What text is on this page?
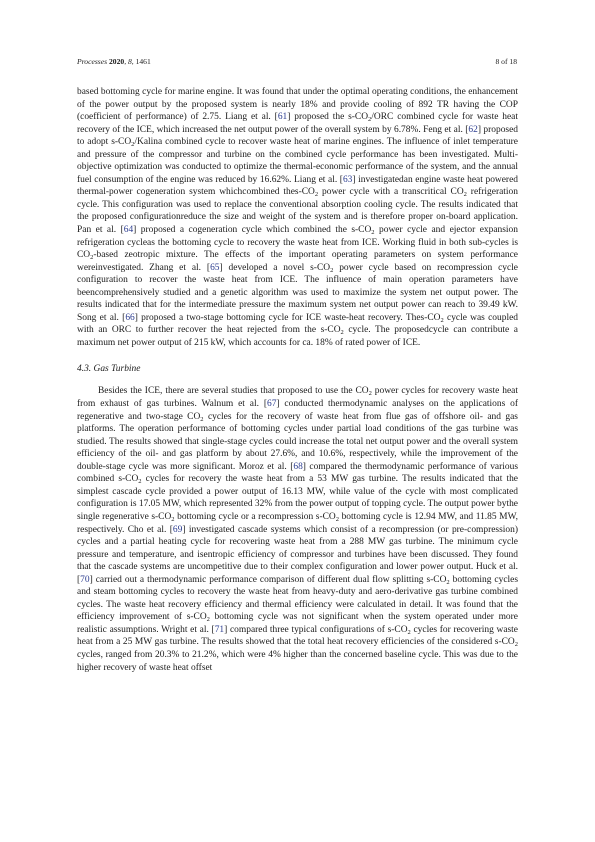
Processes 2020, 8, 1461	8 of 18
based bottoming cycle for marine engine. It was found that under the optimal operating conditions, the enhancement of the power output by the proposed system is nearly 18% and provide cooling of 892 TR having the COP (coefficient of performance) of 2.75. Liang et al. [61] proposed the $s-CO_2$/ORC combined cycle for waste heat recovery of the ICE, which increased the net output power of the overall system by 6.78%. Feng et al. [62] proposed to adopt $s-CO_2$/Kalina combined cycle to recover waste heat of marine engines. The influence of inlet temperature and pressure of the compressor and turbine on the combined cycle performance has been investigated. Multi-objective optimization was conducted to optimize the thermal-economic performance of the system, and the annual fuel consumption of the engine was reduced by 16.62%. Liang et al. [63] investigatedan engine waste heat powered thermal-power cogeneration system whichcombined thes-$CO_2$ power cycle with a transcritical $CO_2$ refrigeration cycle. This configuration was used to replace the conventional absorption cooling cycle. The results indicated that the proposed configurationreduce the size and weight of the system and is therefore proper on-board application. Pan et al. [64] proposed a cogeneration cycle which combined the $s-CO_2$ power cycle and ejector expansion refrigeration cycleas the bottoming cycle to recovery the waste heat from ICE. Working fluid in both sub-cycles is $CO_2$-based zeotropic mixture. The effects of the important operating parameters on system performance wereinvestigated. Zhang et al. [65] developed a novel $s-CO_2$ power cycle based on recompression cycle configuration to recover the waste heat from ICE. The influence of main operation parameters have beencomprehensively studied and a genetic algorithm was used to maximize the system net output power. The results indicated that for the intermediate pressure the maximum system net output power can reach to 39.49 kW. Song et al. [66] proposed a two-stage bottoming cycle for ICE waste-heat recovery. Thes-$CO_2$ cycle was coupled with an ORC to further recover the heat rejected from the $s-CO_2$ cycle. The proposedcycle can contribute a maximum net power output of 215 kW, which accounts for ca. 18% of rated power of ICE.
4.3. Gas Turbine
Besides the ICE, there are several studies that proposed to use the $CO_2$ power cycles for recovery waste heat from exhaust of gas turbines. Walnum et al. [67] conducted thermodynamic analyses on the applications of regenerative and two-stage $CO_2$ cycles for the recovery of waste heat from flue gas of offshore oil- and gas platforms. The operation performance of bottoming cycles under partial load conditions of the gas turbine was studied. The results showed that single-stage cycles could increase the total net output power and the overall system efficiency of the oil- and gas platform by about 27.6%, and 10.6%, respectively, while the improvement of the double-stage cycle was more significant. Moroz et al. [68] compared the thermodynamic performance of various combined $s-CO_2$ cycles for recovery the waste heat from a 53 MW gas turbine. The results indicated that the simplest cascade cycle provided a power output of 16.13 MW, while value of the cycle with most complicated configuration is 17.05 MW, which represented 32% from the power output of topping cycle. The output power bythe single regenerative $s-CO_2$ bottoming cycle or a recompression $s-CO_2$ bottoming cycle is 12.94 MW, and 11.85 MW, respectively. Cho et al. [69] investigated cascade systems which consist of a recompression (or pre-compression) cycles and a partial heating cycle for recovering waste heat from a 288 MW gas turbine. The minimum cycle pressure and temperature, and isentropic efficiency of compressor and turbines have been discussed. They found that the cascade systems are uncompetitive due to their complex configuration and lower power output. Huck et al. [70] carried out a thermodynamic performance comparison of different dual flow splitting $s-CO_2$ bottoming cycles and steam bottoming cycles to recovery the waste heat from heavy-duty and aero-derivative gas turbine combined cycles. The waste heat recovery efficiency and thermal efficiency were calculated in detail. It was found that the efficiency improvement of $s-CO_2$ bottoming cycle was not significant when the system operated under more realistic assumptions. Wright et al. [71] compared three typical configurations of $s-CO_2$ cycles for recovering waste heat from a 25 MW gas turbine. The results showed that the total heat recovery efficiencies of the considered $s-CO_2$ cycles, ranged from 20.3% to 21.2%, which were 4% higher than the concerned baseline cycle. This was due to the higher recovery of waste heat offset
